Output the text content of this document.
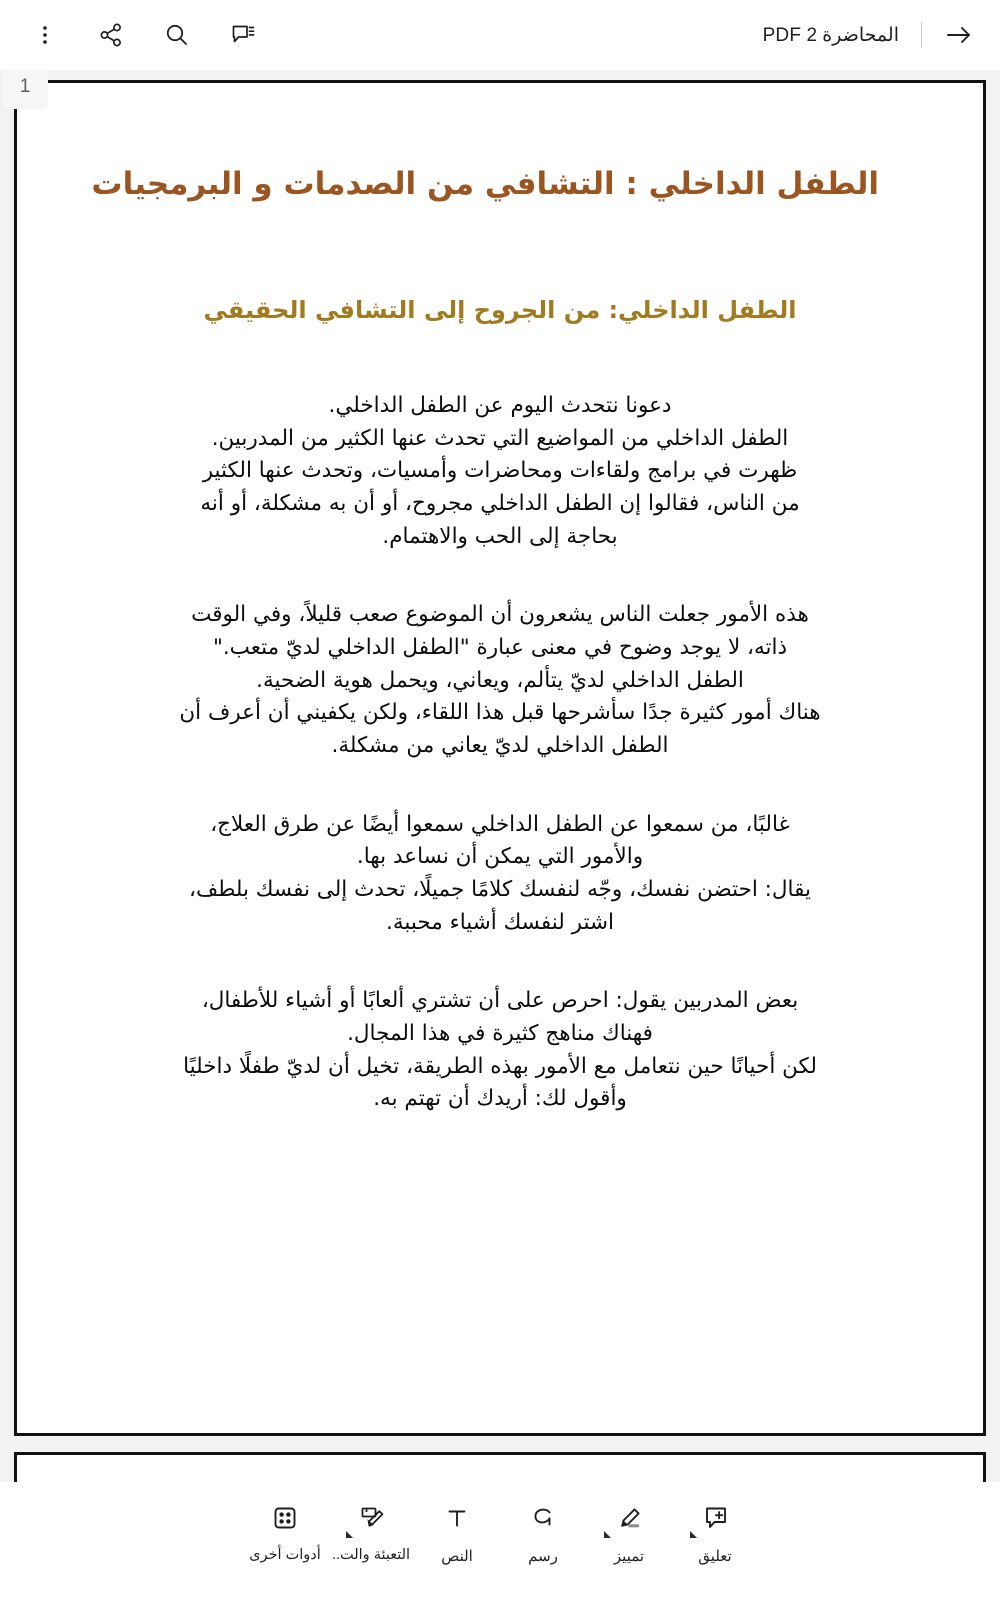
المحاضرة 2 PDF
الطفل الداخلي : التشافي من الصدمات و البرمجيات
الطفل الداخلي: من الجروح إلى التشافي الحقيقي
دعونا نتحدث اليوم عن الطفل الداخلي.
الطفل الداخلي من المواضيع التي تحدث عنها الكثير من المدربين.
ظهرت في برامج ولقاءات ومحاضرات وأمسيات، وتحدث عنها الكثير
من الناس، فقالوا إن الطفل الداخلي مجروح، أو أن به مشكلة، أو أنه
بحاجة إلى الحب والاهتمام.
هذه الأمور جعلت الناس يشعرون أن الموضوع صعب قليلاً، وفي الوقت
ذاته، لا يوجد وضوح في معنى عبارة "الطفل الداخلي لديّ متعب."
الطفل الداخلي لديّ يتألم، ويعاني، ويحمل هوية الضحية.
هناك أمور كثيرة جدًا سأشرحها قبل هذا اللقاء، ولكن يكفيني أن أعرف أن
الطفل الداخلي لديّ يعاني من مشكلة.
غالبًا، من سمعوا عن الطفل الداخلي سمعوا أيضًا عن طرق العلاج،
والأمور التي يمكن أن نساعد بها.
يقال: احتضن نفسك، وجّه لنفسك كلامًا جميلًا، تحدث إلى نفسك بلطف،
اشتر لنفسك أشياء محببة.
بعض المدربين يقول: احرص على أن تشتري ألعابًا أو أشياء للأطفال،
فهناك مناهج كثيرة في هذا المجال.
لكن أحيانًا حين نتعامل مع الأمور بهذه الطريقة، تخيل أن لديّ طفلًا داخليًا
وأقول لك: أريدك أن تهتم به.
1
تعليق
تمييز
رسم
النص
التعبئة والت..
أدوات أخرى
